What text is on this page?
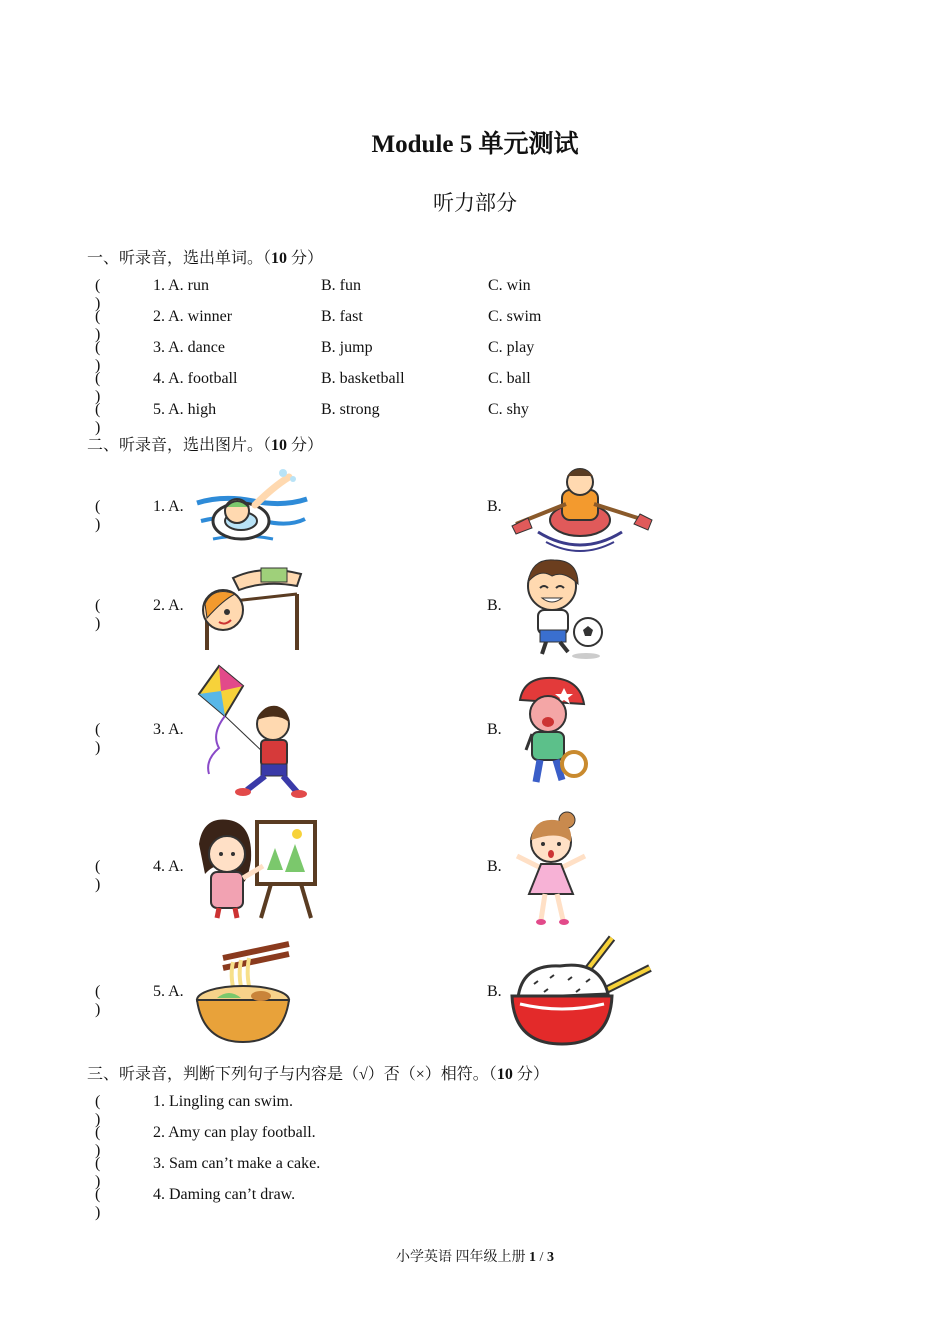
Module 5 单元测试
听力部分
一、听录音，选出单词。（10 分）
( )
1. A. run	B. fun	C. win
( )
2. A. winner	B. fast	C. swim
( )
3. A. dance	B. jump	C. play
( )
4. A. football	B. basketball	C. ball
( )
5. A. high	B. strong	C. shy
二、听录音，选出图片。（10 分）
( )
1. A.	B.
( )
2. A.	B.
( )
3. A.	B.
( )
4. A.	B.
( )
5. A.	B.
三、听录音，判断下列句子与内容是（√）否（×）相符。（10 分）
( )
1. Lingling can swim.
( )
2. Amy can play football.
( )
3. Sam can’t make a cake.
( )
4. Daming can’t draw.
小学英语 四年级上册 1 / 3
